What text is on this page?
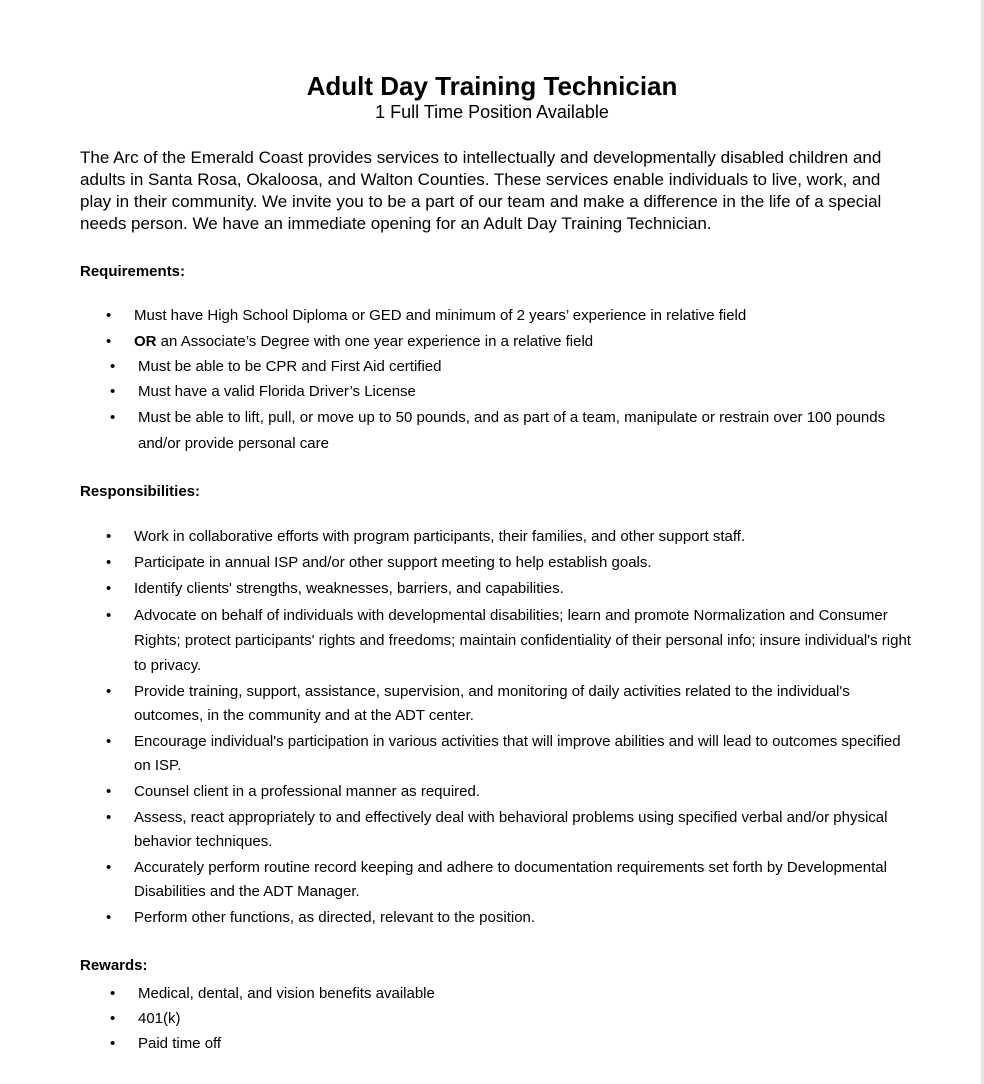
Adult Day Training Technician
1 Full Time Position Available

The Arc of the Emerald Coast provides services to intellectually and developmentally disabled children and adults in Santa Rosa, Okaloosa, and Walton Counties. These services enable individuals to live, work, and play in their community. We invite you to be a part of our team and make a difference in the life of a special needs person. We have an immediate opening for an Adult Day Training Technician.

Requirements:

• Must have High School Diploma or GED and minimum of 2 years’ experience in relative field
• OR an Associate’s Degree with one year experience in a relative field
• Must be able to be CPR and First Aid certified
• Must have a valid Florida Driver’s License
• Must be able to lift, pull, or move up to 50 pounds, and as part of a team, manipulate or restrain over 100 pounds and/or provide personal care

Responsibilities:

• Work in collaborative efforts with program participants, their families, and other support staff.
• Participate in annual ISP and/or other support meeting to help establish goals.
• Identify clients' strengths, weaknesses, barriers, and capabilities.
• Advocate on behalf of individuals with developmental disabilities; learn and promote Normalization and Consumer Rights; protect participants' rights and freedoms; maintain confidentiality of their personal info; insure individual's right to privacy.
• Provide training, support, assistance, supervision, and monitoring of daily activities related to the individual's outcomes, in the community and at the ADT center.
• Encourage individual's participation in various activities that will improve abilities and will lead to outcomes specified on ISP.
• Counsel client in a professional manner as required.
• Assess, react appropriately to and effectively deal with behavioral problems using specified verbal and/or physical behavior techniques.
• Accurately perform routine record keeping and adhere to documentation requirements set forth by Developmental Disabilities and the ADT Manager.
• Perform other functions, as directed, relevant to the position.

Rewards:

• Medical, dental, and vision benefits available
• 401(k)
• Paid time off
